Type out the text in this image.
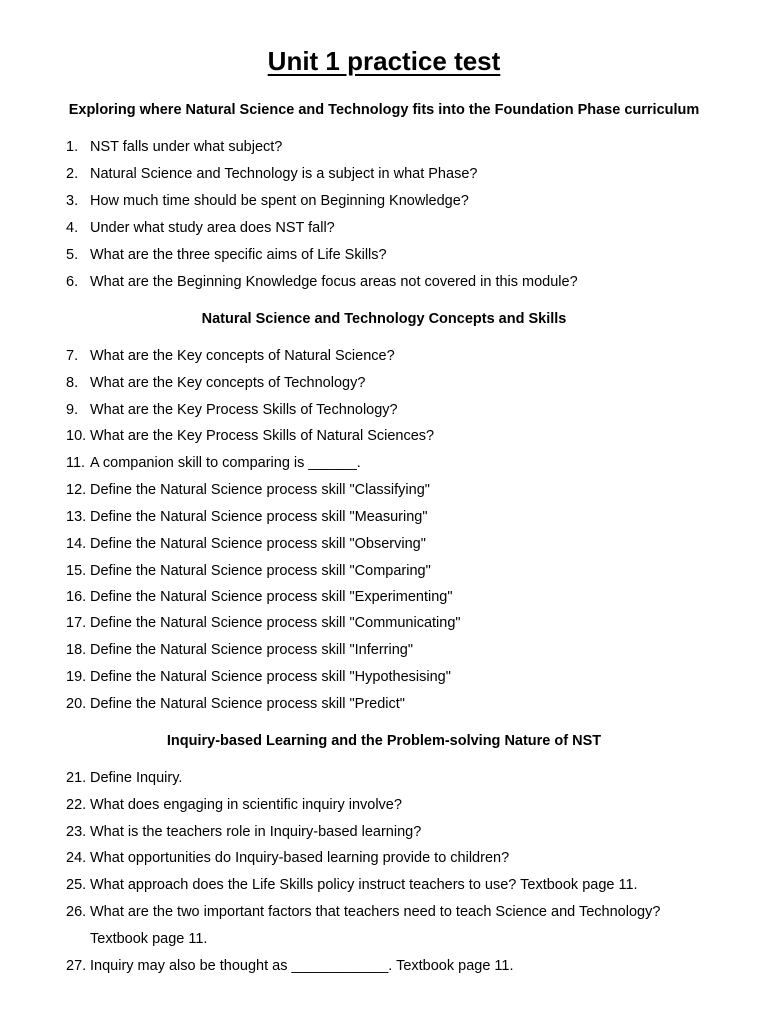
Unit 1 practice test
Exploring where Natural Science and Technology fits into the Foundation Phase curriculum
1. NST falls under what subject?
2. Natural Science and Technology is a subject in what Phase?
3. How much time should be spent on Beginning Knowledge?
4. Under what study area does NST fall?
5. What are the three specific aims of Life Skills?
6. What are the Beginning Knowledge focus areas not covered in this module?
Natural Science and Technology Concepts and Skills
7. What are the Key concepts of Natural Science?
8. What are the Key concepts of Technology?
9. What are the Key Process Skills of Technology?
10. What are the Key Process Skills of Natural Sciences?
11. A companion skill to comparing is ______.
12. Define the Natural Science process skill "Classifying"
13. Define the Natural Science process skill "Measuring"
14. Define the Natural Science process skill "Observing"
15. Define the Natural Science process skill "Comparing"
16. Define the Natural Science process skill "Experimenting"
17. Define the Natural Science process skill "Communicating"
18. Define the Natural Science process skill "Inferring"
19. Define the Natural Science process skill "Hypothesising"
20. Define the Natural Science process skill "Predict"
Inquiry-based Learning and the Problem-solving Nature of NST
21. Define Inquiry.
22. What does engaging in scientific inquiry involve?
23. What is the teachers role in Inquiry-based learning?
24. What opportunities do Inquiry-based learning provide to children?
25. What approach does the Life Skills policy instruct teachers to use? Textbook page 11.
26. What are the two important factors that teachers need to teach Science and Technology?
Textbook page 11.
27. Inquiry may also be thought as ____________. Textbook page 11.
